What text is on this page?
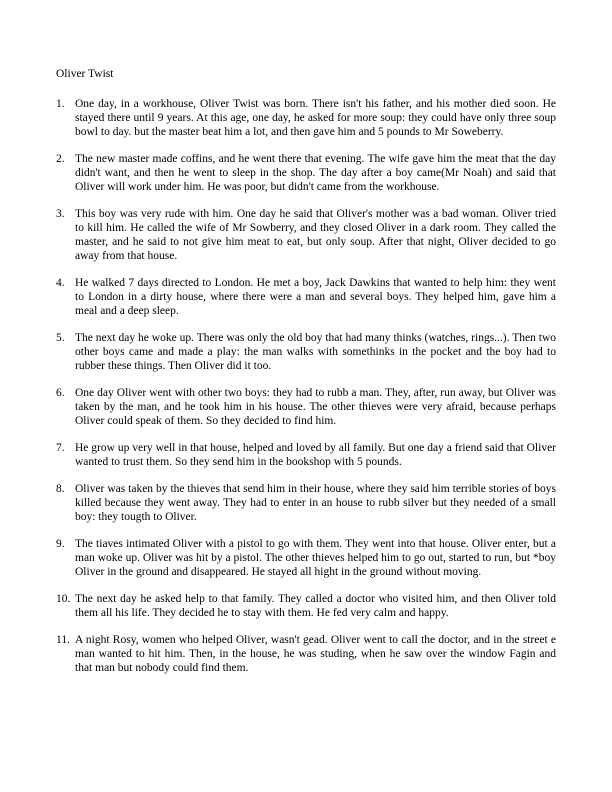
Oliver Twist
1. One day, in a workhouse, Oliver Twist was born. There isn't his father, and his mother died soon. He stayed there until 9 years. At this age, one day, he asked for more soup: they could have only three soup bowl to day. but the master beat him a lot, and then gave him and 5 pounds to Mr Soweberry.
2. The new master made coffins, and he went there that evening. The wife gave him the meat that the day didn't want, and then he went to sleep in the shop. The day after a boy came(Mr Noah) and said that Oliver will work under him. He was poor, but didn't came from the workhouse.
3. This boy was very rude with him. One day he said that Oliver's mother was a bad woman. Oliver tried to kill him. He called the wife of Mr Sowberry, and they closed Oliver in a dark room. They called the master, and he said to not give him meat to eat, but only soup. After that night, Oliver decided to go away from that house.
4. He walked 7 days directed to London. He met a boy, Jack Dawkins that wanted to help him: they went to London in a dirty house, where there were a man and several boys. They helped him, gave him a meal and a deep sleep.
5. The next day he woke up. There was only the old boy that had many thinks (watches, rings...). Then two other boys came and made a play: the man walks with somethinks in the pocket and the boy had to rubber these things. Then Oliver did it too.
6. One day Oliver went with other two boys: they had to rubb a man. They, after, run away, but Oliver was taken by the man, and he took him in his house. The other thieves were very afraid, because perhaps Oliver could speak of them. So they decided to find him.
7. He grow up very well in that house, helped and loved by all family. But one day a friend said that Oliver wanted to trust them. So they send him in the bookshop with 5 pounds.
8. Oliver was taken by the thieves that send him in their house, where they said him terrible stories of boys killed because they went away. They had to enter in an house to rubb silver but they needed of a small boy: they tougth to Oliver.
9. The tiaves intimated Oliver with a pistol to go with them. They went into that house. Oliver enter, but a man woke up. Oliver was hit by a pistol. The other thieves helped him to go out, started to run, but *boy Oliver in the ground and disappeared. He stayed all hight in the ground without moving.
10. The next day he asked help to that family. They called a doctor who visited him, and then Oliver told them all his life. They decided he to stay with them. He fed very calm and happy.
11. A night Rosy, women who helped Oliver, wasn't gead. Oliver went to call the doctor, and in the street e man wanted to hit him. Then, in the house, he was studing, when he saw over the window Fagin and that man but nobody could find them.
